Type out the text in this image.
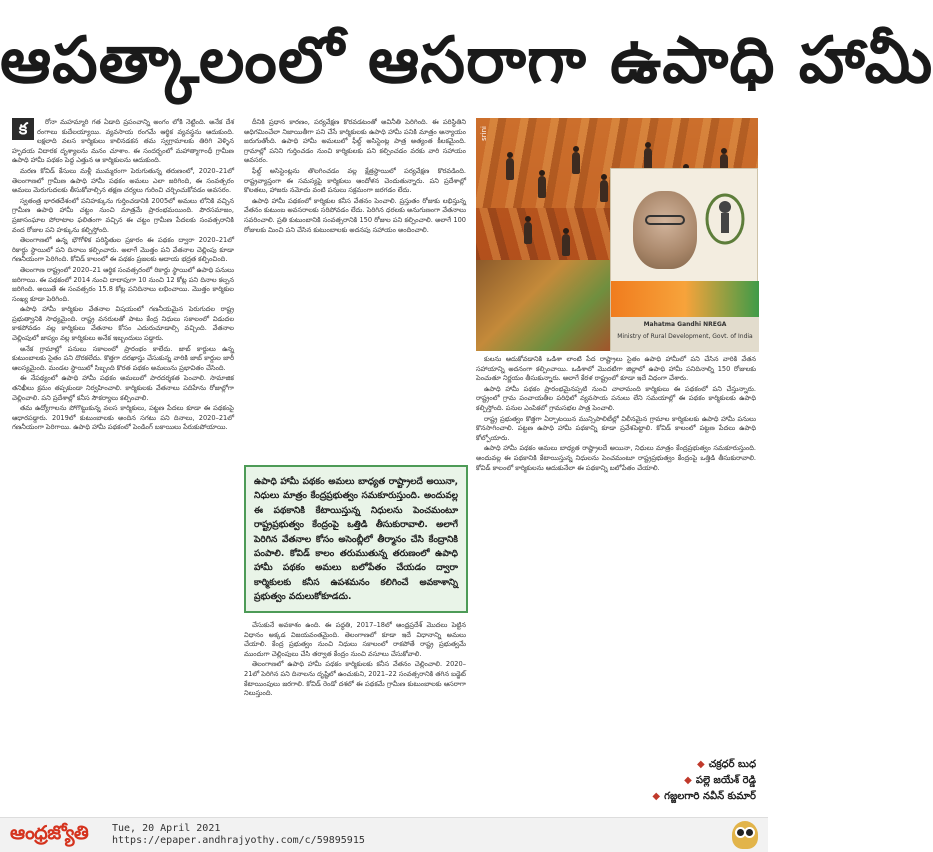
ఆపత్కాలంలో ఆసరాగా ఉపాధి హామీ
క	రోనా మహమ్మారి గత ఏడాది ప్రపంచాన్ని అంగం లోకి నెట్టింది. అనేక దేశ రంగాలు కుదేలయ్యాయి. వ్యవసాయ రంగమే ఆర్థిక వ్యవస్థను ఆదుకుంది. లక్షలాది వలస కార్మికులు కాలినడకన తమ స్వగ్రామాలకు తిరిగి వెళ్ళిన హృదయ విదారక దృశ్యాలను మనం చూశాం. ఈ సందర్భంలో మహాత్మాగాంధీ గ్రామీణ ఉపాధి హామీ పథకం పెద్ద ఎత్తున ఆ కార్మికులను ఆదుకుంది.

మరణ కోవిడ్ కేసులు మళ్లీ ముమ్మరంగా పెరుగుతున్న తరుణంలో, 2020–21లో తెలంగాణలో గ్రామీణ ఉపాధి హామీ పథకం అమలు ఎలా జరిగింది, ఈ సంవత్సరం అమలు మెరుగుదలకు తీసుకోవాల్సిన తక్షణ చర్యలు గురించి చర్చించుకోవడం అవసరం.

స్వతంత్ర భారతదేశంలో పనిహక్కును గుర్తించడానికి 2005లో అమలు లోనికి వచ్చిన గ్రామీణ ఉపాధి హామీ చట్టం నుంచి మాత్రమే ప్రారంభమయింది. పౌరసమాజం, ప్రజాసంఘాల పోరాటాల ఫలితంగా వచ్చిన ఈ చట్టం గ్రామీణ పేదలకు సంవత్సరానికి వంద రోజుల పని హక్కును కల్పిస్తోంది.

తెలంగాణలో ఉన్న భౌగోళిక పరిస్థితుల ప్రకారం ఈ పథకం ద్వారా 2020–21లో రికార్డు స్థాయిలో పని దినాలు కల్పించారు. అలాగే మొత్తం పని వేతనాల చెల్లింపు కూడా గణనీయంగా పెరిగింది. కోవిడ్ కాలంలో ఈ పథకం ప్రజలకు ఆదాయ భద్రత కల్పించింది.

తెలంగాణ రాష్ట్రంలో 2020–21 ఆర్థిక సంవత్సరంలో రికార్డు స్థాయిలో ఉపాధి పనులు జరిగాయి. ఈ పథకంలో 2014 నుంచి దాదాపుగా 10 నుంచి 12 కోట్ల పని దినాల కల్పన జరిగింది. అయితే ఈ సంవత్సరం 15.8 కోట్ల పనిదినాలు లభించాయి. మొత్తం కార్మికుల సంఖ్య కూడా పెరిగింది.

ఉపాధి హామీ కార్మికుల వేతనాల విషయంలో గణనీయమైన పెరుగుదల రాష్ట్ర ప్రభుత్వానికి సాధ్యమైంది. రాష్ట్ర వనరులతో పాటు కేంద్ర నిధులు సకాలంలో విడుదల కాకపోవడం వల్ల కార్మికులు వేతనాల కోసం ఎదురుచూడాల్సి వచ్చింది. వేతనాల చెల్లింపులో జాప్యం వల్ల కార్మికులు అనేక ఇబ్బందులు పడ్డారు.

అనేక గ్రామాల్లో పనులు సకాలంలో ప్రారంభం కాలేదు. జాబ్ కార్డులు ఉన్న కుటుంబాలకు సైతం పని దొరకలేదు. కొత్తగా దరఖాస్తు చేసుకున్న వారికి జాబ్ కార్డుల జారీ ఆలస్యమైంది. మండల స్థాయిలో సిబ్బంది కొరత పథకం అమలును ప్రభావితం చేసింది.

ఈ నేపథ్యంలో ఉపాధి హామీ పథకం అమలులో పారదర్శకత పెంచాలి. సామాజిక తనిఖీలు క్రమం తప్పకుండా నిర్వహించాలి. కార్మికులకు వేతనాలు పదిహేను రోజుల్లోగా చెల్లించాలి. పని ప్రదేశాల్లో కనీస సౌకర్యాలు కల్పించాలి.

తమ ఉద్యోగాలను పోగొట్టుకున్న వలస కార్మికులు, పట్టణ పేదలు కూడా ఈ పథకంపై ఆధారపడ్డారు. 2019లో కుటుంబాలకు అందిన సగటు పని దినాలు, 2020–21లో గణనీయంగా పెరిగాయి. ఉపాధి హామీ పథకంలో పెండింగ్ బకాయిలు పేరుకుపోయాయి.

దీనికి ప్రధాన కారణం, పర్యవేక్షణ కొరవడటంతో అవినీతి పెరిగింది. ఈ పరిస్థితిని అధిగమించేలా నిజాయితీగా పని చేసే కార్మికులకు ఉపాధి హామీ పనికి మాత్రం అన్యాయం జరుగుతోంది. ఉపాధి హామీ అమలులో ఫీల్డ్ అసిస్టెంట్ల పాత్ర అత్యంత కీలకమైంది. గ్రామాల్లో పనిని గుర్తించడం నుంచి కార్మికులకు పని కల్పించడం వరకు వారి సహాయం అవసరం.

ఫీల్డ్ అసిస్టెంట్లను తొలగించడం వల్ల క్షేత్రస్థాయిలో పర్యవేక్షణ కొరవడింది. రాష్ట్రవ్యాప్తంగా ఈ సమస్యపై కార్మికులు ఆందోళన చెందుతున్నారు. పని ప్రదేశాల్లో కొలతలు, హాజరు నమోదు వంటి పనులు సక్రమంగా జరగడం లేదు.

ఉపాధి హామీ పథకంలో కార్మికుల కనీస వేతనం పెంచాలి. ప్రస్తుతం రోజుకు లభిస్తున్న వేతనం కుటుంబ అవసరాలకు సరిపోవడం లేదు. పెరిగిన ధరలకు అనుగుణంగా వేతనాలు సవరించాలి. ప్రతి కుటుంబానికి సంవత్సరానికి 150 రోజుల పని కల్పించాలి. అలాగే 100 రోజులకు మించి పని చేసిన కుటుంబాలకు అదనపు సహాయం అందించాలి.

ఉపాధి హామీ పథకం అమలు బాధ్యత రాష్ట్రాలదే అయినా, నిధులు మాత్రం కేంద్రప్రభుత్వం సమకూరుస్తుంది. అందువల్ల ఈ పథకానికి కేటాయిస్తున్న నిధులను పెంచమంటూ రాష్ట్రప్రభుత్వం కేంద్రంపై ఒత్తిడి తీసుకురావాలి. అలాగే పెరిగిన వేతనాల కోసం అసెంబ్లీలో తీర్మానం చేసి కేంద్రానికి పంపాలి. కోవిడ్ కాలం తరుముతున్న తరుణంలో ఉపాధి హామీ పథకం అమలు బలోపేతం చేయడం ద్వారా కార్మికులకు కనీస ఉపశమనం కలిగించే అవకాశాన్ని ప్రభుత్వం వదులుకోకూడదు.

చేసుకునే అవకాశం ఉంది. ఈ పద్ధతి, 2017–18లో ఆంధ్రప్రదేశ్ మొదలు పెట్టిన విధానం అక్కడ విజయవంతమైంది. తెలంగాణలో కూడా ఇదే విధానాన్ని అమలు చేయాలి. కేంద్ర ప్రభుత్వం నుంచి నిధులు సకాలంలో రాకపోతే రాష్ట్ర ప్రభుత్వమే ముందుగా చెల్లింపులు చేసి తర్వాత కేంద్రం నుంచి వసూలు చేసుకోవాలి.

తెలంగాణలో ఉపాధి హామీ పథకం కార్మికులకు కనీస వేతనం చెల్లించాలి. 2020–21లో పెరిగిన పని దినాలను దృష్టిలో ఉంచుకుని, 2021–22 సంవత్సరానికి తగిన బడ్జెట్ కేటాయింపులు జరగాలి. కోవిడ్ రెండో దశలో ఈ పథకమే గ్రామీణ కుటుంబాలకు ఆసరాగా నిలుస్తుంది.

srini
Mahatma Gandhi NREGA
Ministry of Rural Development, Govt. of India

కులను ఆదుకోవడానికి ఒడిశా లాంటి పేద రాష్ట్రాలు సైతం ఉపాధి హామీలో పని చేసిన వారికి వేతన సహాయాన్ని అదనంగా కల్పించాయి. ఒడిశాలో మొదటిగా జిల్లాలో ఉపాధి హామీ పనిదినాల్ని 150 రోజులకు పెంచుతూ నిర్ణయం తీసుకున్నారు. అలాగే కేరళ రాష్ట్రంలో కూడా ఇదే విధంగా చేశారు.

ఉపాధి హామీ పథకం ప్రారంభమైనప్పటి నుంచి చాలామంది కార్మికులు ఈ పథకంలో పని చేస్తున్నారు. రాష్ట్రంలో గ్రామ పంచాయతీల పరిధిలో వ్యవసాయ పనులు లేని సమయాల్లో ఈ పథకం కార్మికులకు ఉపాధి కల్పిస్తోంది. పనుల ఎంపికలో గ్రామసభల పాత్ర పెంచాలి.

రాష్ట్ర ప్రభుత్వం కొత్తగా ఏర్పాటయిన మున్సిపాలిటీల్లో విలీనమైన గ్రామాల కార్మికులకు ఉపాధి హామీ పనులు కొనసాగించాలి. పట్టణ ఉపాధి హామీ పథకాన్ని కూడా ప్రవేశపెట్టాలి. కోవిడ్ కాలంలో పట్టణ పేదలు ఉపాధి కోల్పోయారు.

ఉపాధి హామీ పథకం అమలు బాధ్యత రాష్ట్రాలదే అయినా, నిధులు మాత్రం కేంద్రప్రభుత్వం సమకూరుస్తుంది. అందువల్ల ఈ పథకానికి కేటాయిస్తున్న నిధులను పెంచమంటూ రాష్ట్రప్రభుత్వం కేంద్రంపై ఒత్తిడి తీసుకురావాలి. కోవిడ్ కాలంలో కార్మికులను ఆదుకునేలా ఈ పథకాన్ని బలోపేతం చేయాలి.

◆ చక్రధర్ బుధ
◆ పల్లె జయేశ్ రెడ్డి
◆ గజ్జలగారి నవీన్ కుమార్
ఆంధ్రజ్యోతి Tue, 20 April 2021
https://epaper.andhrajyothy.com/c/59895915
